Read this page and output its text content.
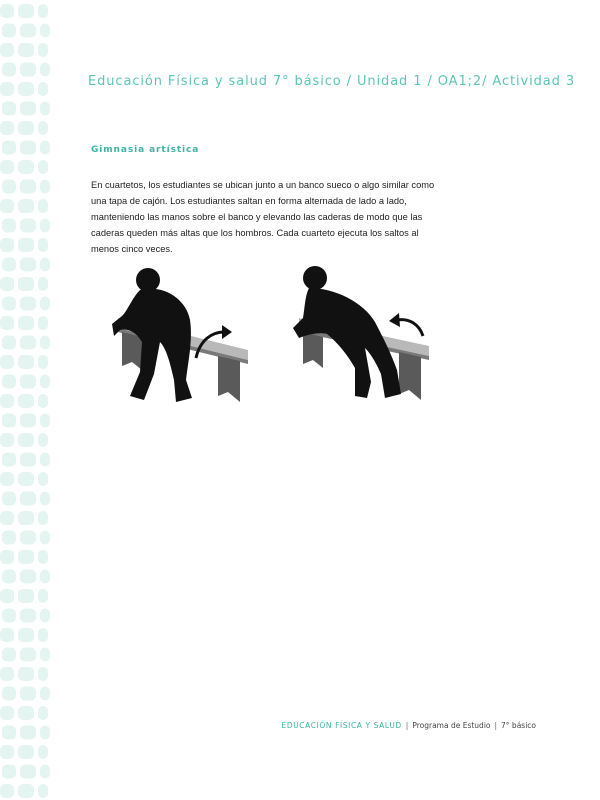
Educación Física y salud 7° básico / Unidad 1 / OA1;2/ Actividad 3
Gimnasia artística
En cuartetos, los estudiantes se ubican junto a un banco sueco o algo similar como una tapa de cajón. Los estudiantes saltan en forma alternada de lado a lado, manteniendo las manos sobre el banco y elevando las caderas de modo que las caderas queden más altas que los hombros. Cada cuarteto ejecuta los saltos al menos cinco veces.
EDUCACIÓN FÍSICA Y SALUD | Programa de Estudio | 7° básico
